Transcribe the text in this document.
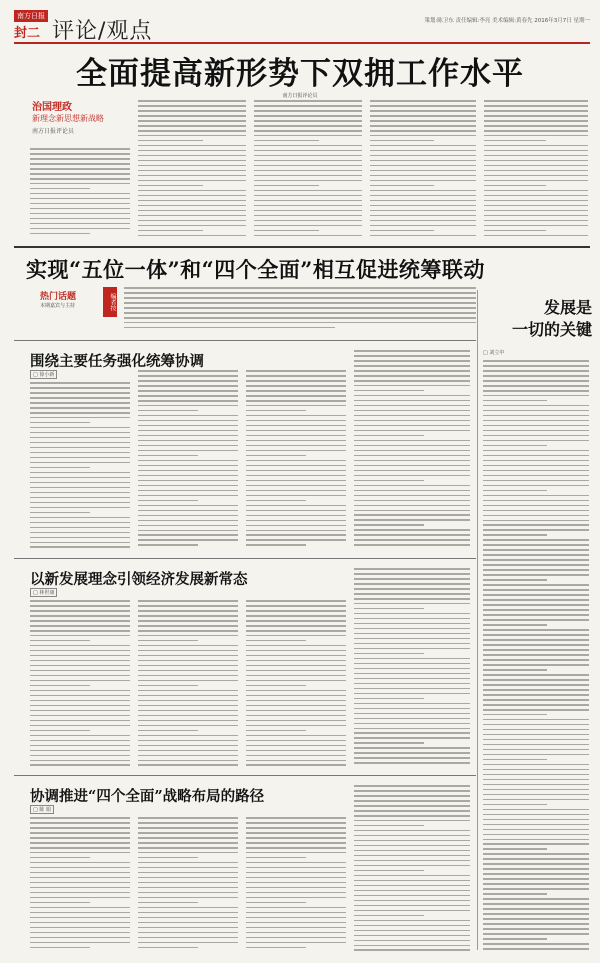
南方日报
封二 评论/观点	策划:陈卫东 责任编辑:李亮 美术编辑:黄春先 2016年3月7日 星期一
全面提高新形势下双拥工作水平
南方日报评论员
治国理政
新理念新思想新战略
南方日报评论员
实现“五位一体”和“四个全面”相互促进统筹联动
热门话题
本期嘉宾与主持	编者按	发展是
一切的关键
□ 刘立中
围绕主要任务强化统筹协调
□ 徐小新
以新发展理念引领经济发展新常态
□ 林世康
协调推进“四个全面”战略布局的路径
□ 陈 娟
